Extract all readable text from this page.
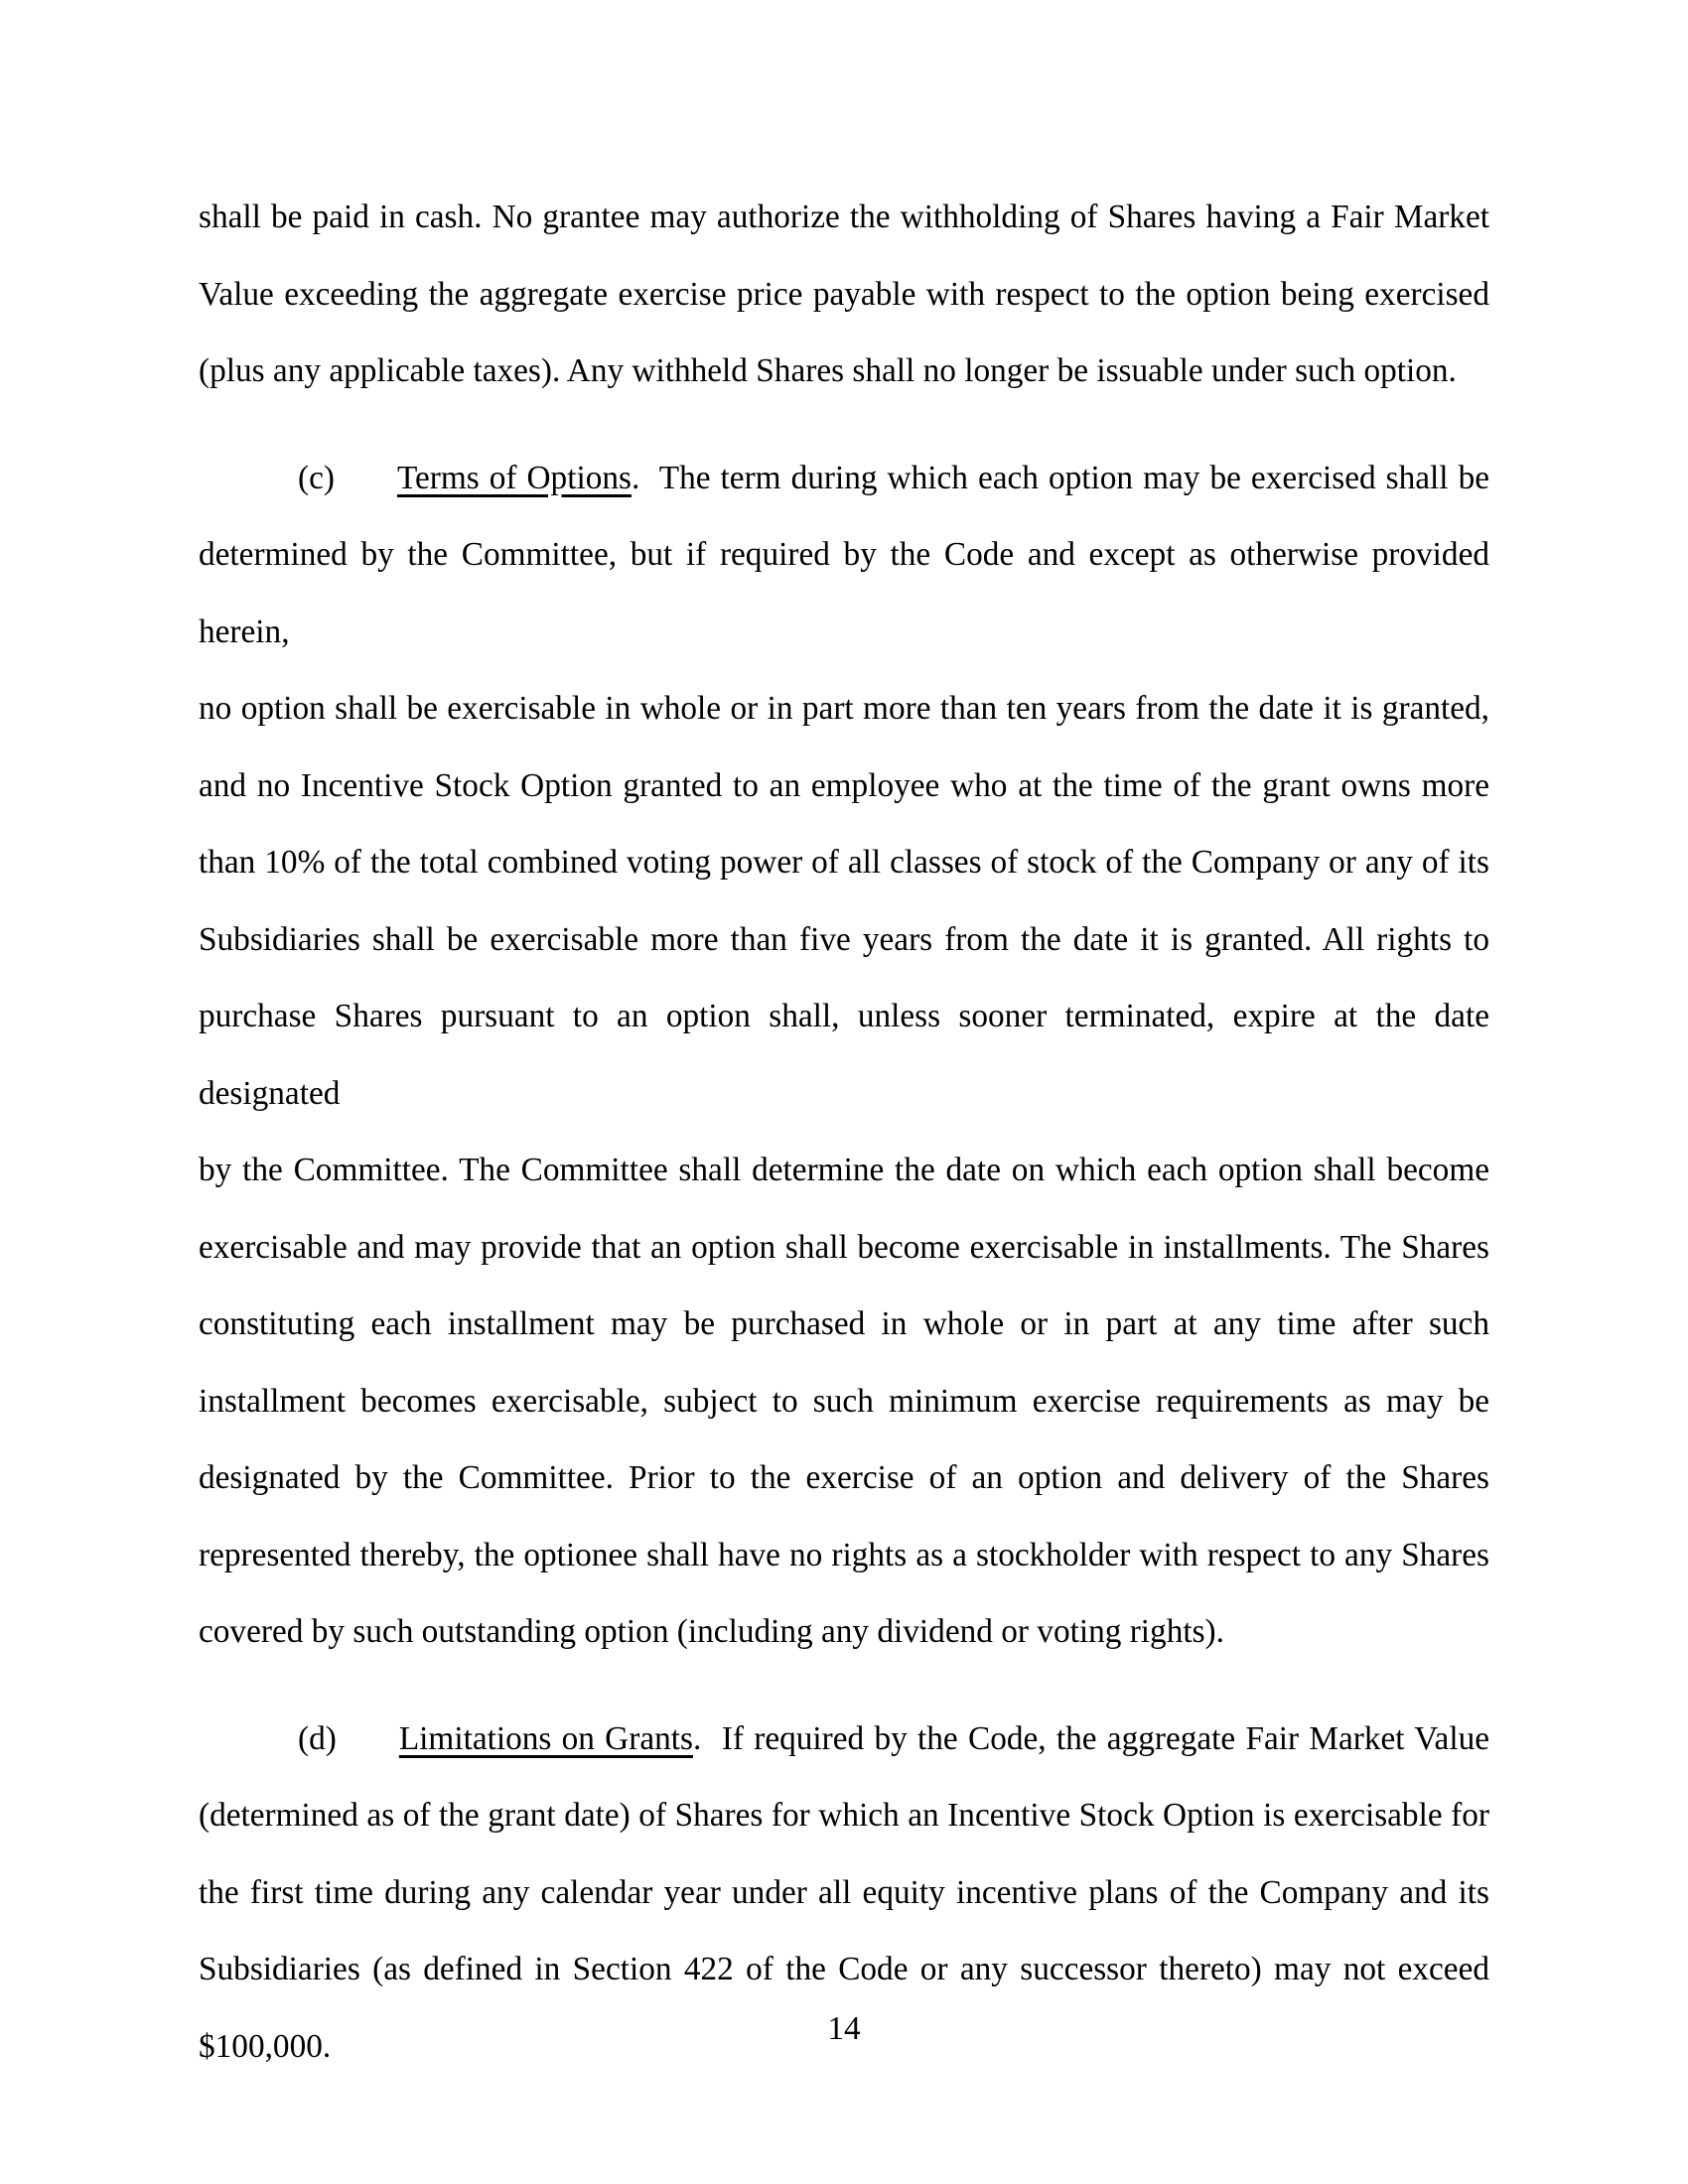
shall be paid in cash. No grantee may authorize the withholding of Shares having a Fair Market
Value exceeding the aggregate exercise price payable with respect to the option being exercised
(plus any applicable taxes). Any withheld Shares shall no longer be issuable under such option.
(c) Terms of Options.  The term during which each option may be exercised shall be
determined by the Committee, but if required by the Code and except as otherwise provided herein,
no option shall be exercisable in whole or in part more than ten years from the date it is granted,
and no Incentive Stock Option granted to an employee who at the time of the grant owns more
than 10% of the total combined voting power of all classes of stock of the Company or any of its
Subsidiaries shall be exercisable more than five years from the date it is granted. All rights to
purchase Shares pursuant to an option shall, unless sooner terminated, expire at the date designated
by the Committee. The Committee shall determine the date on which each option shall become
exercisable and may provide that an option shall become exercisable in installments. The Shares
constituting each installment may be purchased in whole or in part at any time after such
installment becomes exercisable, subject to such minimum exercise requirements as may be
designated by the Committee. Prior to the exercise of an option and delivery of the Shares
represented thereby, the optionee shall have no rights as a stockholder with respect to any Shares
covered by such outstanding option (including any dividend or voting rights).
(d) Limitations on Grants.  If required by the Code, the aggregate Fair Market Value
(determined as of the grant date) of Shares for which an Incentive Stock Option is exercisable for
the first time during any calendar year under all equity incentive plans of the Company and its
Subsidiaries (as defined in Section 422 of the Code or any successor thereto) may not exceed
$100,000.	14
